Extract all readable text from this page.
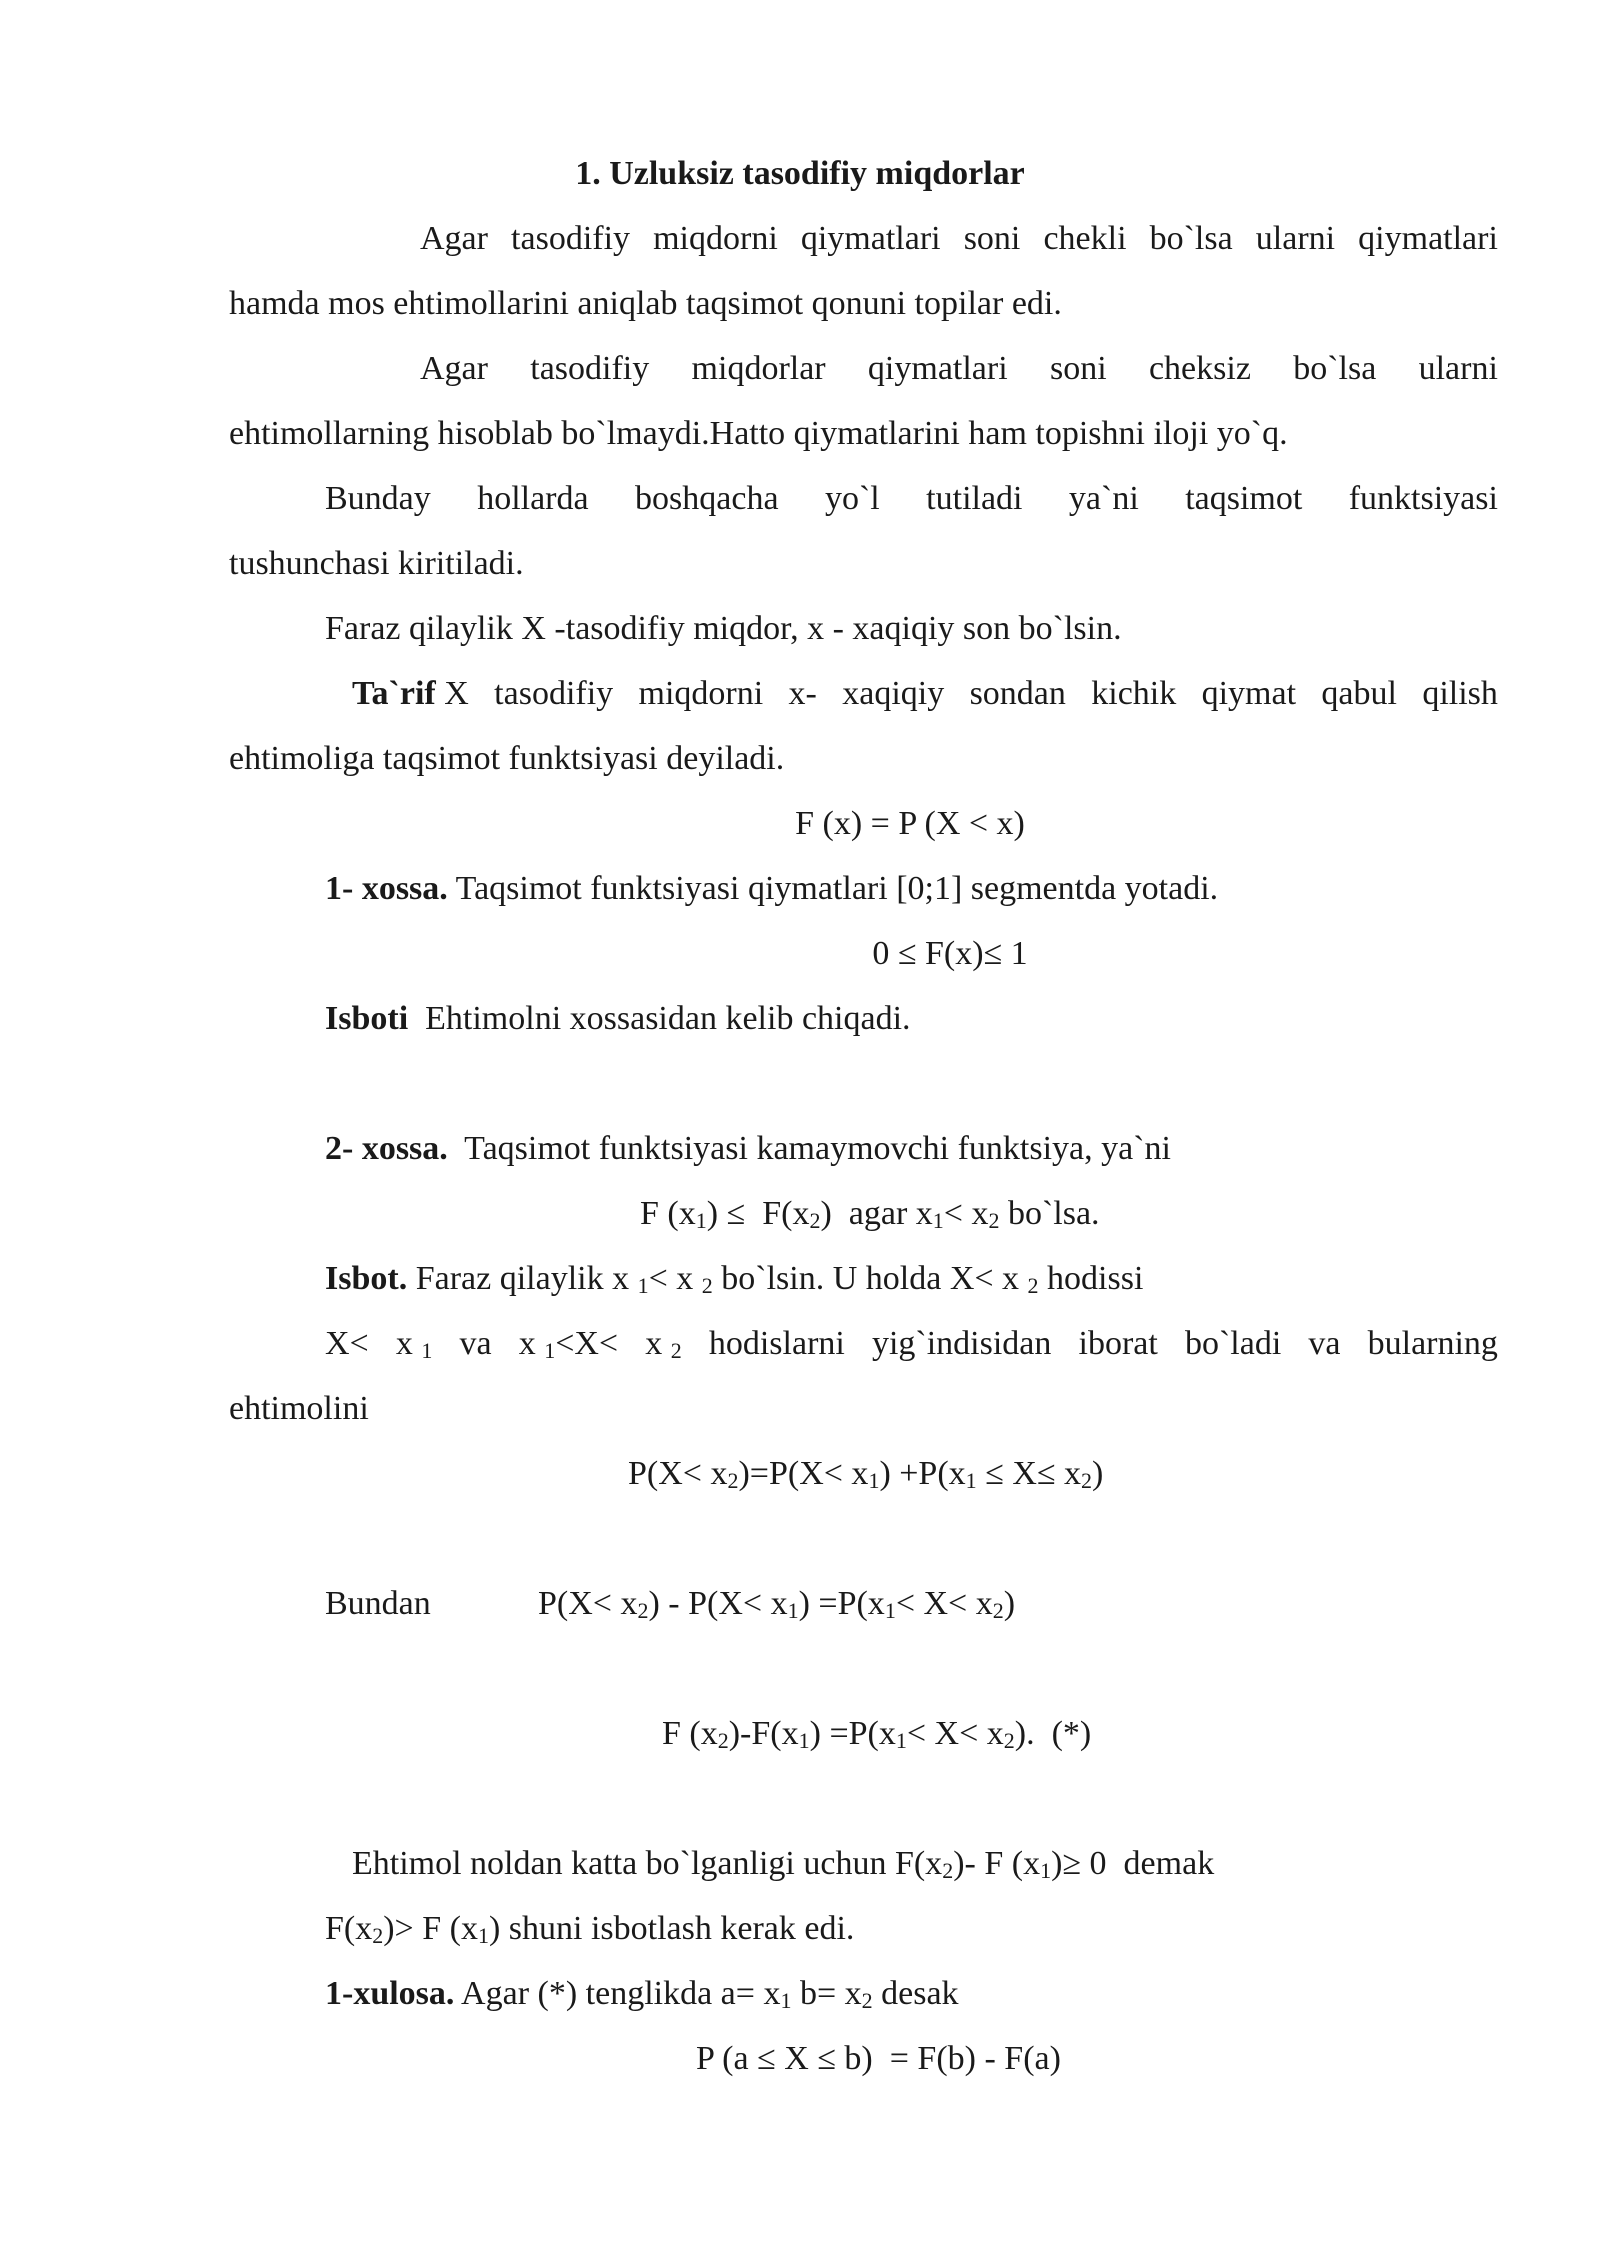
1. Uzluksiz tasodifiy miqdorlar
Agar tasodifiy miqdorni qiymatlari soni chekli bo`lsa ularni qiymatlari
hamda mos ehtimollarini aniqlab taqsimot qonuni topilar edi.
Agar tasodifiy miqdorlar qiymatlari soni cheksiz bo`lsa ularni
ehtimollarning hisoblab bo`lmaydi.Hatto qiymatlarini ham topishni iloji yo`q.
Bunday hollarda boshqacha yo`l tutiladi ya`ni taqsimot funktsiyasi
tushunchasi kiritiladi.
Faraz qilaylik X -tasodifiy miqdor, x - xaqiqiy son bo`lsin.
Ta`rif X tasodifiy miqdorni x- xaqiqiy sondan kichik qiymat qabul qilish
ehtimoliga taqsimot funktsiyasi deyiladi.
F (x) = P (X < x)
1- xossa. Taqsimot funktsiyasi qiymatlari [0;1] segmentda yotadi.
0 ≤ F(x)≤ 1
Isboti  Ehtimolni xossasidan kelib chiqadi.
2- xossa.  Taqsimot funktsiyasi kamaymovchi funktsiya, ya`ni
F $(x_1) \le F(x_2)$  agar $x_1< x_2$ bo`lsa.
Isbot. Faraz qilaylik x $_1$< x $_2$ bo`lsin. U holda X< x $_2$ hodissi
X< x $_1$ va x $_1$<X< x $_2$ hodislarni yig`indisidan iborat bo`ladi va bularning
ehtimolini
$P(X< x_2)=P(X< x_1) +P(x_1 \le X\le x_2)$
Bundan	$P(X< x_2) - P(X< x_1) =P(x_1< X< x_2)$
F $(x_2)-F(x_1) =P(x_1< X< x_2)$.  (*)
Ehtimol noldan katta bo`lganligi uchun $F(x_2)-$ F $(x_1)\ge 0$  demak
$F(x_2)> F$ $(x_1)$ shuni isbotlash kerak edi.
1-xulosa. Agar (*) tenglikda $a= x_1$ $b= x_2$ desak
P (a ≤ X ≤ b)  = F(b) - F(a)
